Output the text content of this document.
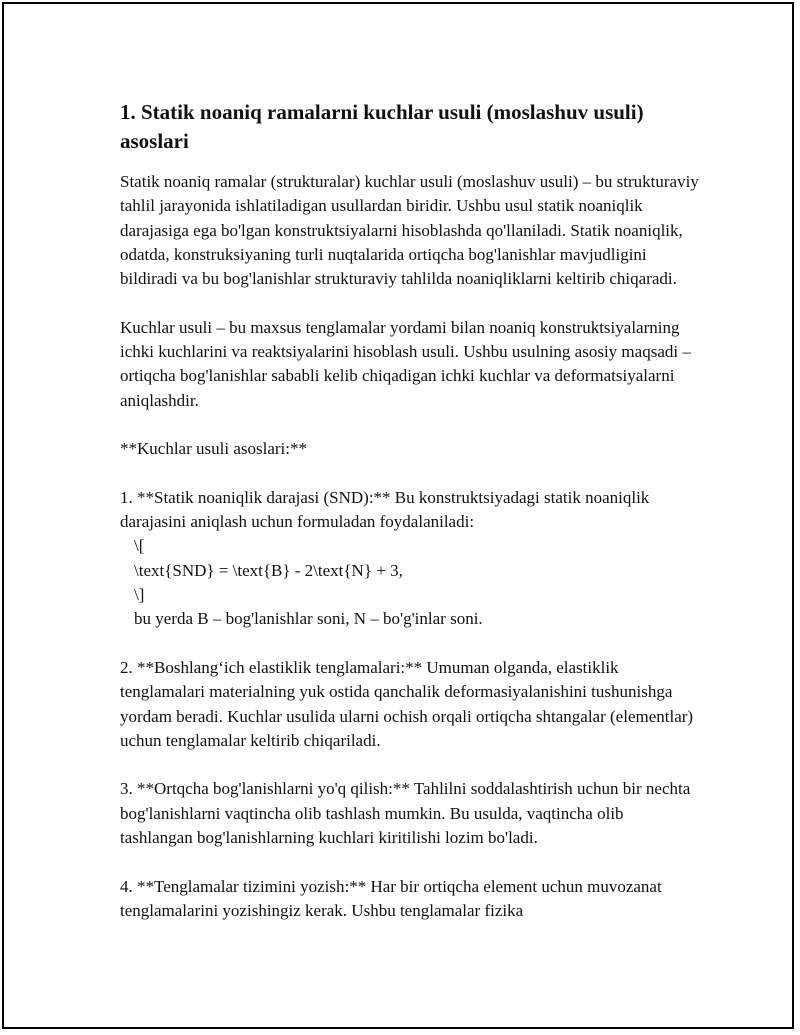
1. Statik noaniq ramalarni kuchlar usuli (moslashuv usuli) asoslari

Statik noaniq ramalar (strukturalar) kuchlar usuli (moslashuv usuli) – bu strukturaviy tahlil jarayonida ishlatiladigan usullardan biridir. Ushbu usul statik noaniqlik darajasiga ega bo'lgan konstruktsiyalarni hisoblashda qo'llaniladi. Statik noaniqlik, odatda, konstruksiyaning turli nuqtalarida ortiqcha bog'lanishlar mavjudligini bildiradi va bu bog'lanishlar strukturaviy tahlilda noaniqliklarni keltirib chiqaradi.

Kuchlar usuli – bu maxsus tenglamalar yordami bilan noaniq konstruktsiyalarning ichki kuchlarini va reaktsiyalarini hisoblash usuli. Ushbu usulning asosiy maqsadi – ortiqcha bog'lanishlar sababli kelib chiqadigan ichki kuchlar va deformatsiyalarni aniqlashdir.

**Kuchlar usuli asoslari:**

1. **Statik noaniqlik darajasi (SND):** Bu konstruktsiyadagi statik noaniqlik darajasini aniqlash uchun formuladan foydalaniladi:

\[

\text{SND} = \text{B} - 2\text{N} + 3,

\]

bu yerda B – bog'lanishlar soni, N – bo'g'inlar soni.

2. **Boshlang‘ich elastiklik tenglamalari:** Umuman olganda, elastiklik tenglamalari materialning yuk ostida qanchalik deformasiyalanishini tushunishga yordam beradi. Kuchlar usulida ularni ochish orqali ortiqcha shtangalar (elementlar) uchun tenglamalar keltirib chiqariladi.

3. **Ortqcha bog'lanishlarni yo'q qilish:** Tahlilni soddalashtirish uchun bir nechta bog'lanishlarni vaqtincha olib tashlash mumkin. Bu usulda, vaqtincha olib tashlangan bog'lanishlarning kuchlari kiritilishi lozim bo'ladi.

4. **Tenglamalar tizimini yozish:** Har bir ortiqcha element uchun muvozanat tenglamalarini yozishingiz kerak. Ushbu tenglamalar fizika
